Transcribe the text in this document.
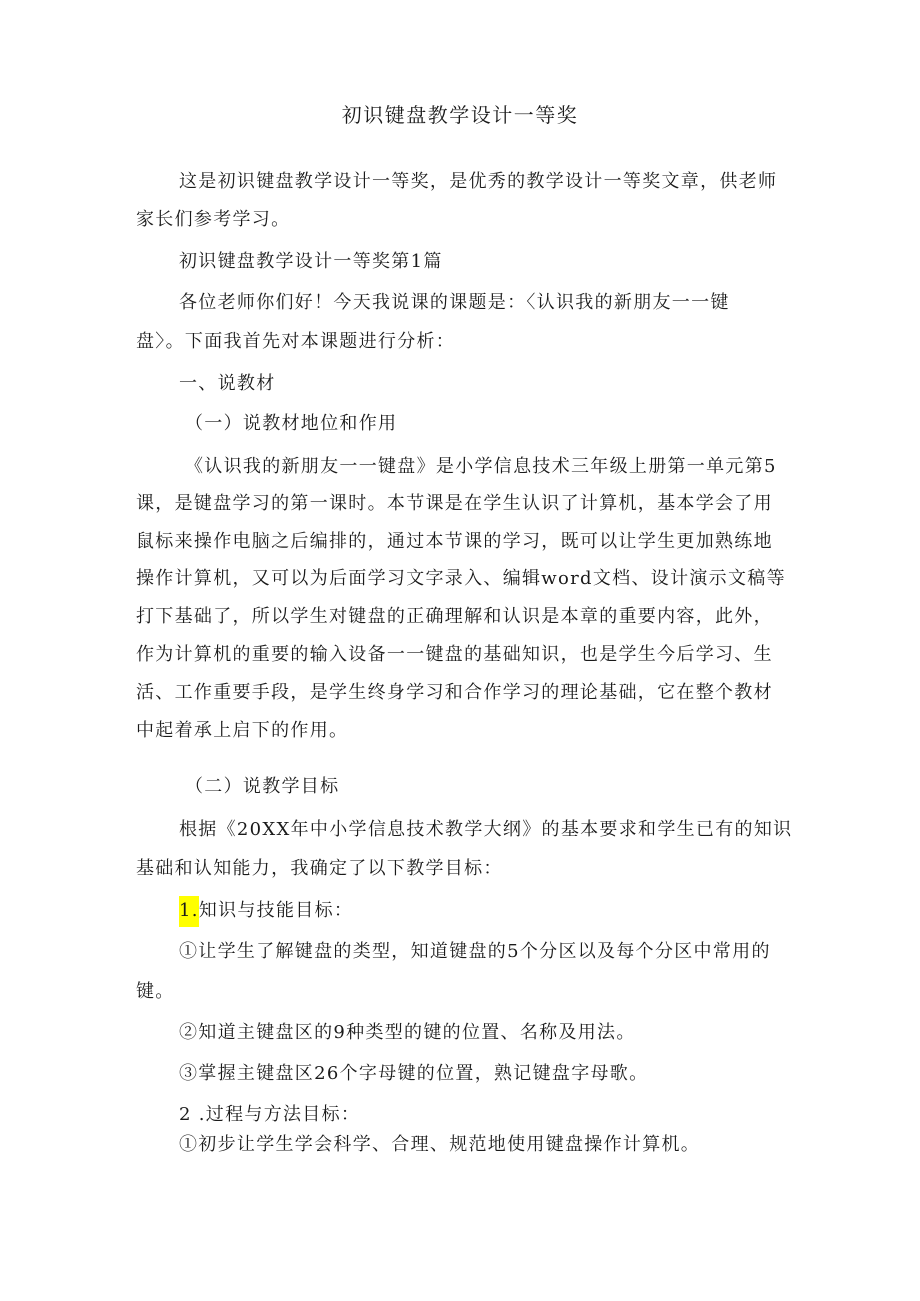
初识键盘教学设计一等奖
这是初识键盘教学设计一等奖，是优秀的教学设计一等奖文章，供老师
家长们参考学习。
初识键盘教学设计一等奖第1篇
各位老师你们好！今天我说课的课题是：〈认识我的新朋友一一键
盘〉。下面我首先对本课题进行分析：
一、说教材
（一）说教材地位和作用
《认识我的新朋友一一键盘》是小学信息技术三年级上册第一单元第5
课，是键盘学习的第一课时。本节课是在学生认识了计算机，基本学会了用
鼠标来操作电脑之后编排的，通过本节课的学习，既可以让学生更加熟练地
操作计算机，又可以为后面学习文字录入、编辑word文档、设计演示文稿等
打下基础了，所以学生对键盘的正确理解和认识是本章的重要内容，此外，
作为计算机的重要的输入设备一一键盘的基础知识，也是学生今后学习、生
活、工作重要手段，是学生终身学习和合作学习的理论基础，它在整个教材
中起着承上启下的作用。
（二）说教学目标
根据《20XX年中小学信息技术教学大纲》的基本要求和学生已有的知识
基础和认知能力，我确定了以下教学目标：
1.知识与技能目标：
①让学生了解键盘的类型，知道键盘的5个分区以及每个分区中常用的
键。
②知道主键盘区的9种类型的键的位置、名称及用法。
③掌握主键盘区26个字母键的位置，熟记键盘字母歌。
2 .过程与方法目标：
①初步让学生学会科学、合理、规范地使用键盘操作计算机。
